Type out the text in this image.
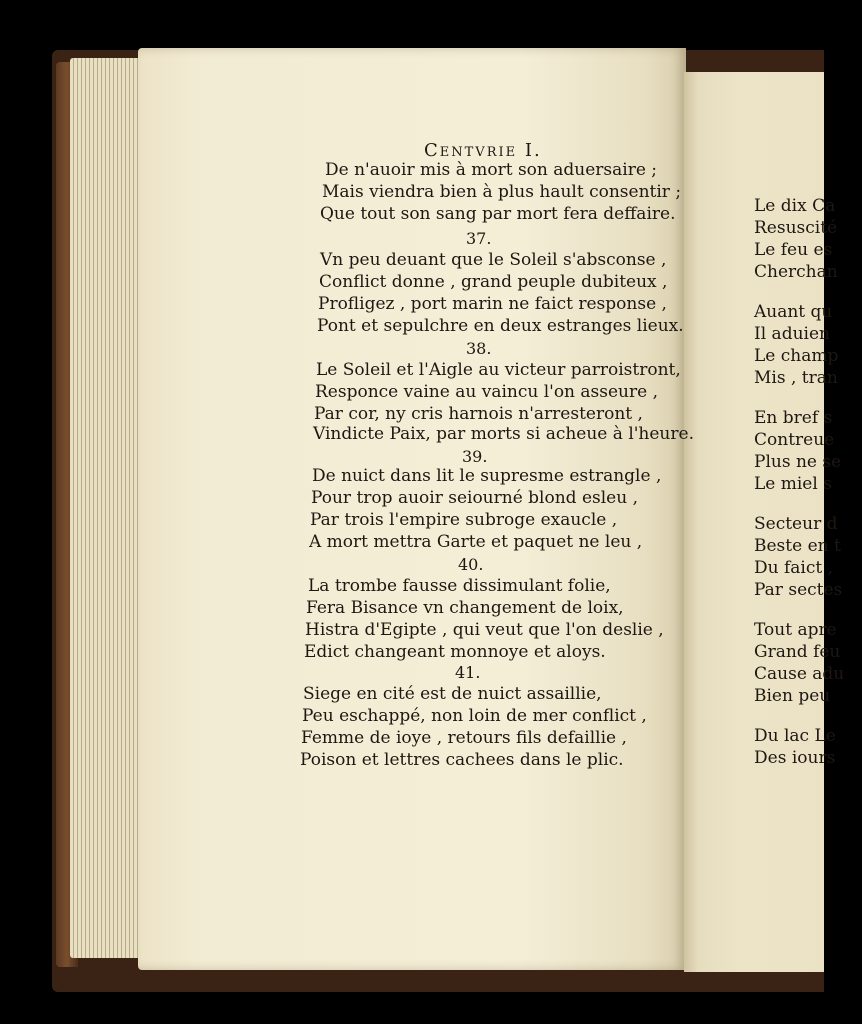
Le dix Ca
Resuscité
Le feu es
Cherchan
Auant qu
Il aduien
Le champ
Mis , tran
En bref s
Contreue
Plus ne se
Le miel s
Secteur d
Beste en t
Du faict ,
Par sectes
Tout apre
Grand feu
Cause adu
Bien peu
Du lac Le
Des iours
Centvrie I.
De n'auoir mis à mort son aduersaire ;
Mais viendra bien à plus hault consentir ;
Que tout son sang par mort fera deffaire.
37.
Vn peu deuant que le Soleil s'absconse ,
Conflict donne , grand peuple dubiteux ,
Profligez , port marin ne faict response ,
Pont et sepulchre en deux estranges lieux.
38.
Le Soleil et l'Aigle au victeur parroistront,
Responce vaine au vaincu l'on asseure ,
Par cor, ny cris harnois n'arresteront ,
Vindicte Paix, par morts si acheue à l'heure.
39.
De nuict dans lit le supresme estrangle ,
Pour trop auoir seiourné blond esleu ,
Par trois l'empire subroge exaucle ,
A mort mettra Garte et paquet ne leu ,
40.
La trombe fausse dissimulant folie,
Fera Bisance vn changement de loix,
Histra d'Egipte , qui veut que l'on deslie ,
Edict changeant monnoye et aloys.
41.
Siege en cité est de nuict assaillie,
Peu eschappé, non loin de mer conflict ,
Femme de ioye , retours fils defaillie ,
Poison et lettres cachees dans le plic.
